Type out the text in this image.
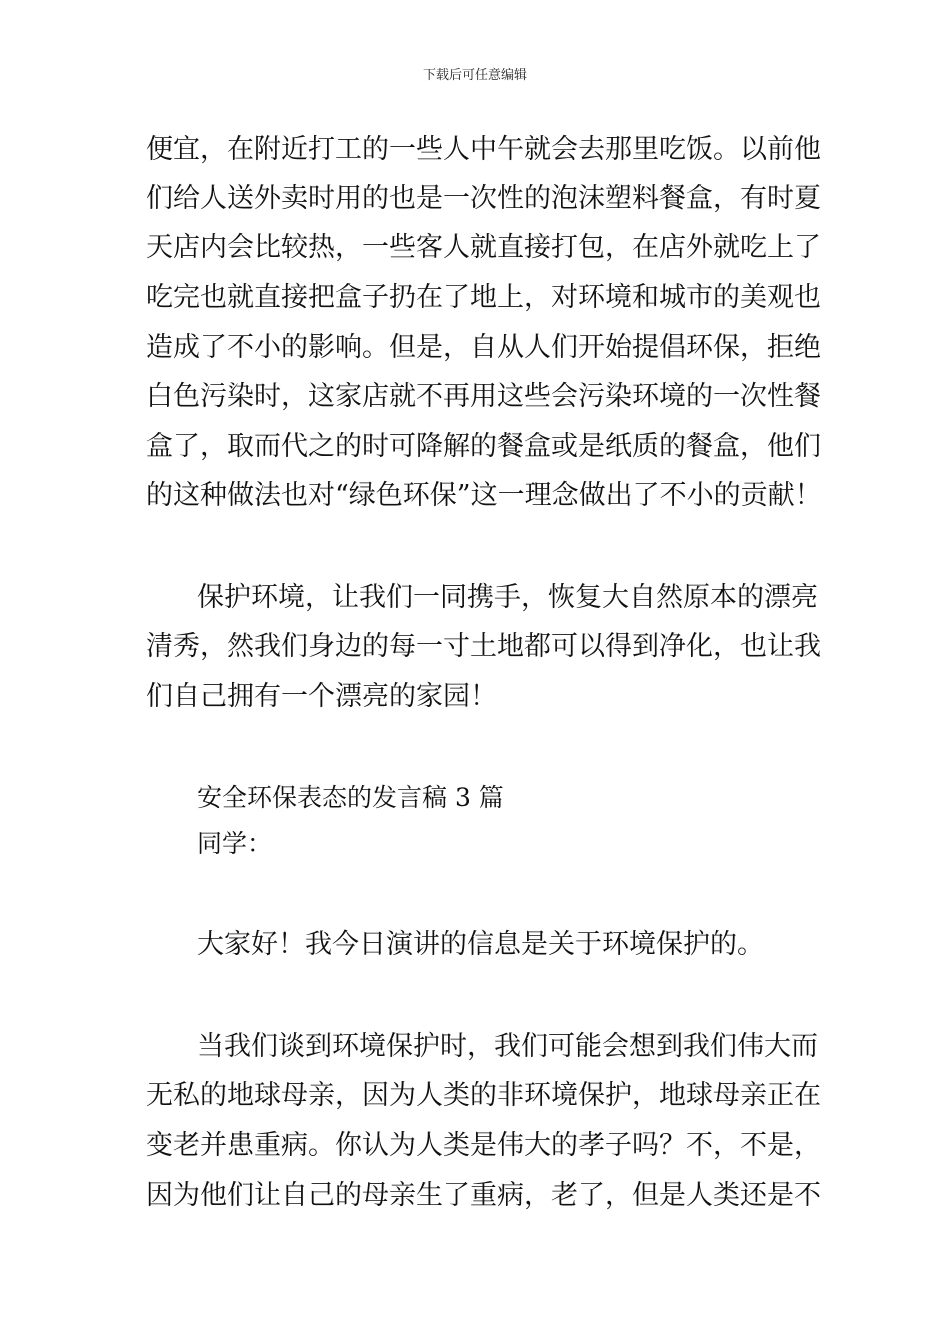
下载后可任意编辑
便宜，在附近打工的一些人中午就会去那里吃饭。以前他
们给人送外卖时用的也是一次性的泡沫塑料餐盒，有时夏
天店内会比较热，一些客人就直接打包，在店外就吃上了
吃完也就直接把盒子扔在了地上，对环境和城市的美观也
造成了不小的影响。但是，自从人们开始提倡环保，拒绝
白色污染时，这家店就不再用这些会污染环境的一次性餐
盒了，取而代之的时可降解的餐盒或是纸质的餐盒，他们
的这种做法也对“绿色环保”这一理念做出了不小的贡献！
保护环境，让我们一同携手，恢复大自然原本的漂亮
清秀，然我们身边的每一寸土地都可以得到净化，也让我
们自己拥有一个漂亮的家园！
安全环保表态的发言稿 3 篇
同学：
大家好！我今日演讲的信息是关于环境保护的。
当我们谈到环境保护时，我们可能会想到我们伟大而
无私的地球母亲，因为人类的非环境保护，地球母亲正在
变老并患重病。你认为人类是伟大的孝子吗？不，不是，
因为他们让自己的母亲生了重病，老了，但是人类还是不
